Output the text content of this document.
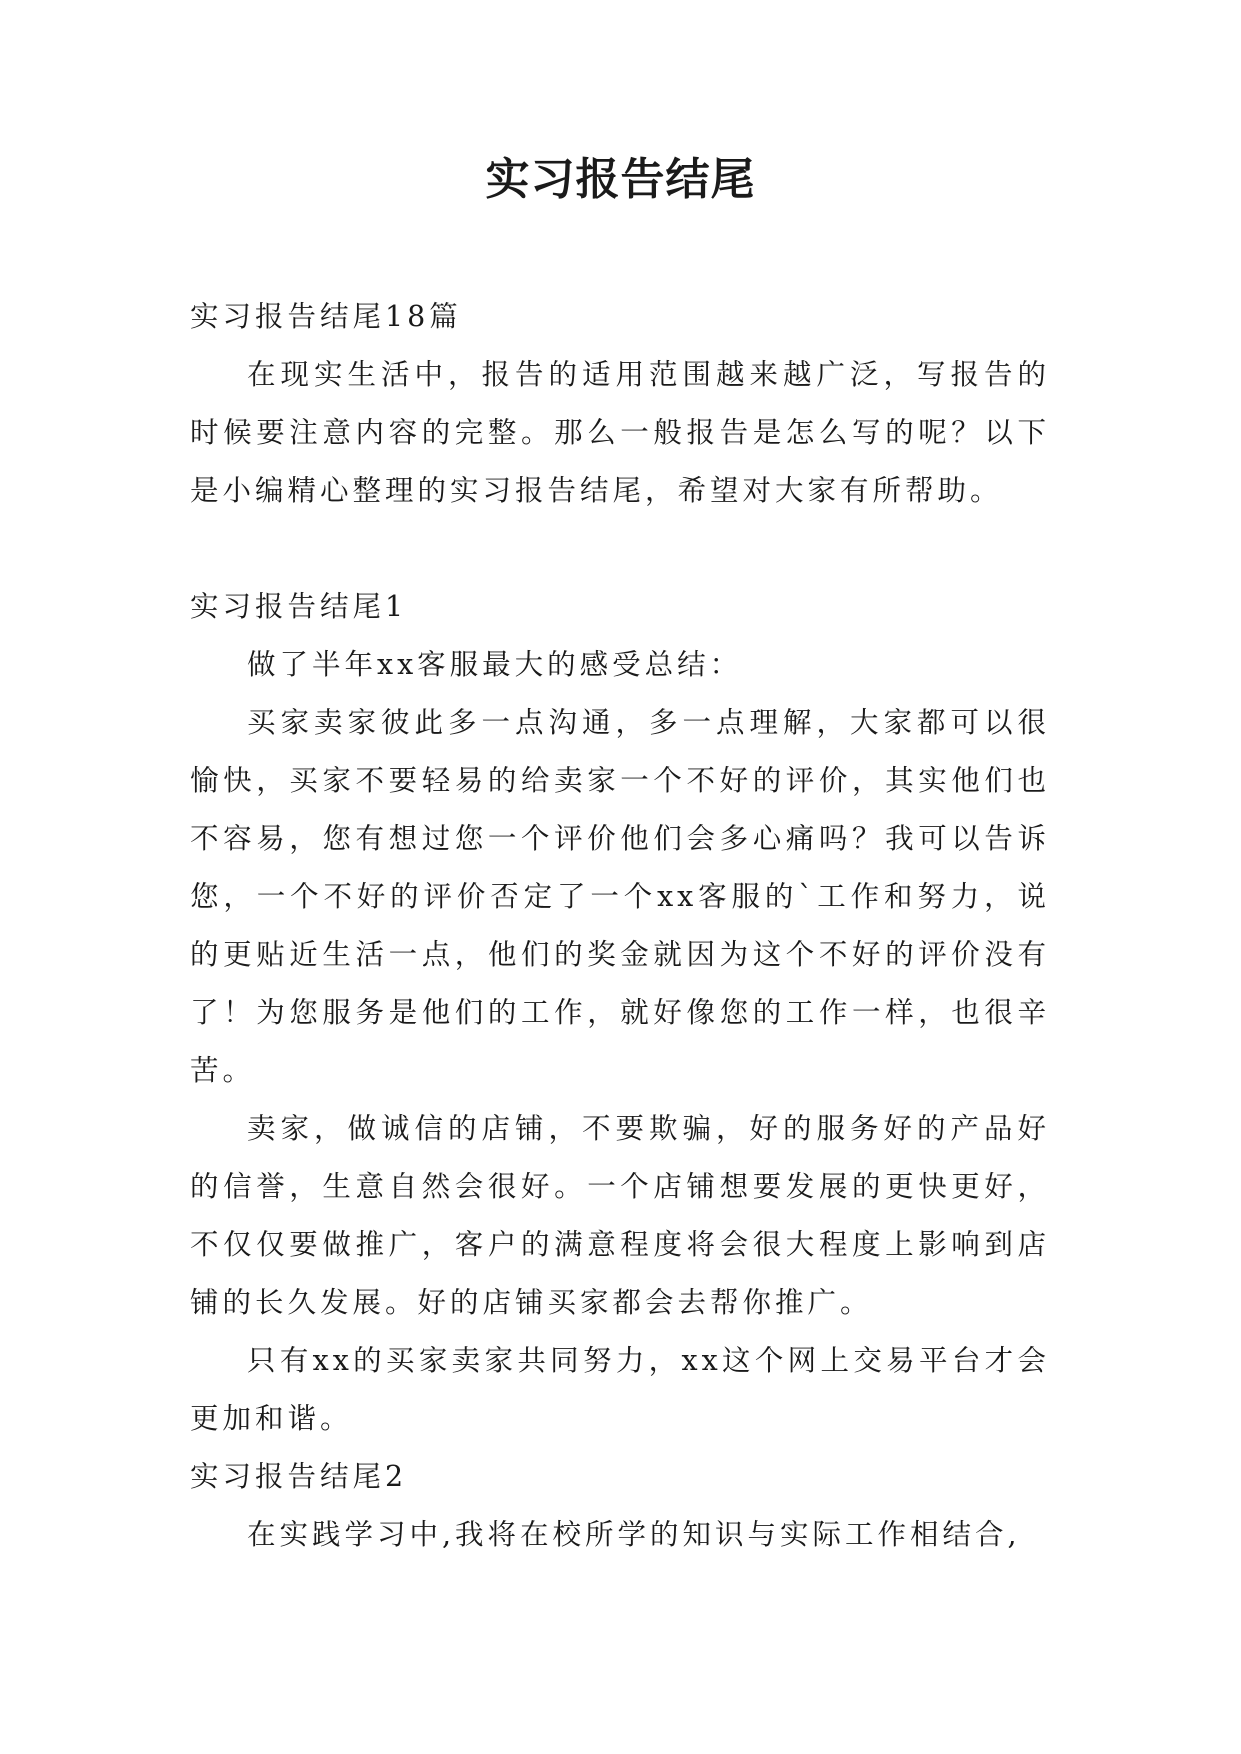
实习报告结尾

实习报告结尾18篇

在现实生活中，报告的适用范围越来越广泛，写报告的时候要注意内容的完整。那么一般报告是怎么写的呢？以下是小编精心整理的实习报告结尾，希望对大家有所帮助。

实习报告结尾1

做了半年xx客服最大的感受总结：

买家卖家彼此多一点沟通，多一点理解，大家都可以很愉快，买家不要轻易的给卖家一个不好的评价，其实他们也不容易，您有想过您一个评价他们会多心痛吗？我可以告诉您，一个不好的评价否定了一个xx客服的`工作和努力，说的更贴近生活一点，他们的奖金就因为这个不好的评价没有了！为您服务是他们的工作，就好像您的工作一样，也很辛苦。

卖家，做诚信的店铺，不要欺骗，好的服务好的产品好的信誉，生意自然会很好。一个店铺想要发展的更快更好，不仅仅要做推广，客户的满意程度将会很大程度上影响到店铺的长久发展。好的店铺买家都会去帮你推广。

只有xx的买家卖家共同努力，xx这个网上交易平台才会更加和谐。

实习报告结尾2

在实践学习中,我将在校所学的知识与实际工作相结合,
